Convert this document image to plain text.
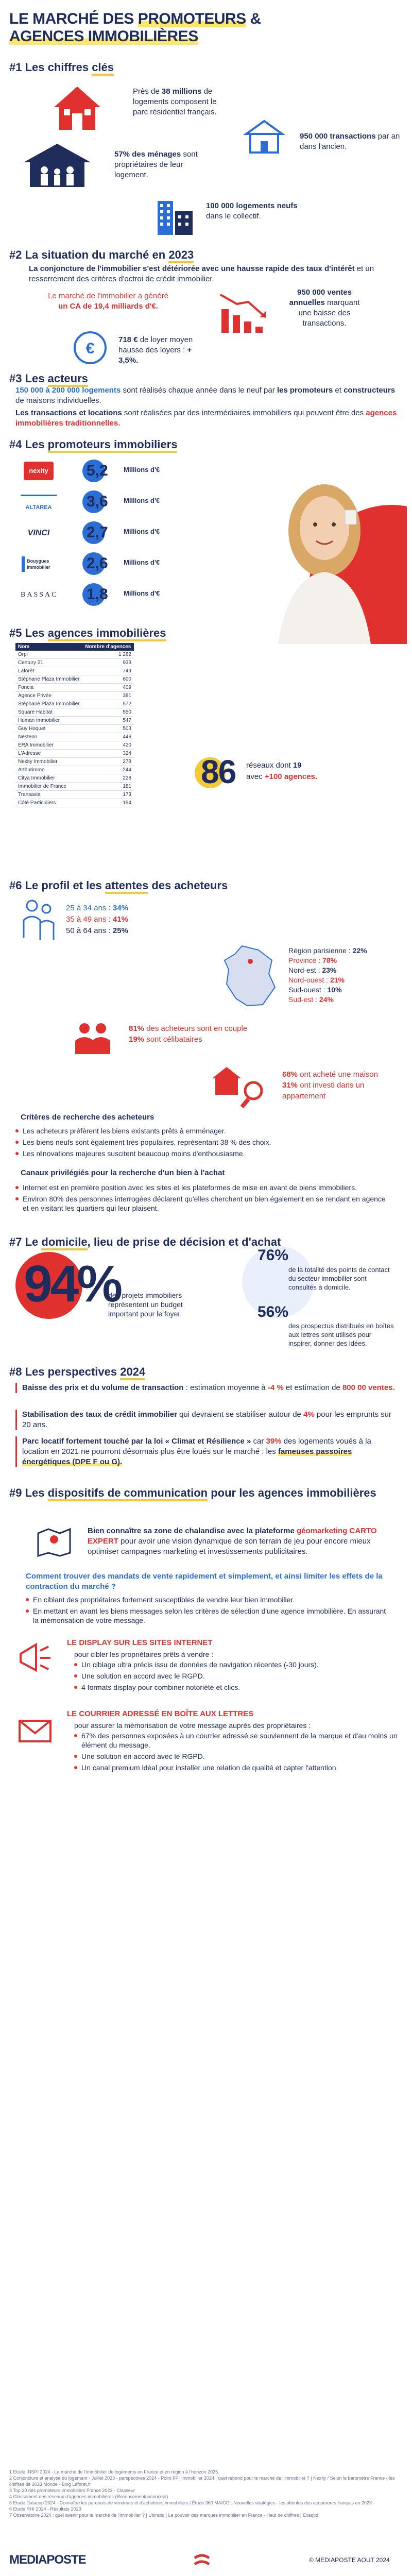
LE MARCHÉ DES PROMOTEURS &
AGENCES IMMOBILIÈRES
#1 Les chiffres clés
Près de 38 millions de logements composent le parc résidentiel français.
950 000 transactions par an dans l'ancien.
57% des ménages sont propriétaires de leur logement.
100 000 logements neufs dans le collectif.
#2 La situation du marché en 2023
La conjoncture de l'immobilier s'est détériorée avec une hausse rapide des taux d'intérêt et un resserrement des critères d'octroi de crédit immobilier.
Le marché de l'immobilier a généré un CA de 19,4 milliards d'€.
950 000 ventes annuelles marquant une baisse des transactions.
€
718 € de loyer moyen hausse des loyers : + 3,5%.
#3 Les acteurs
150 000 à 200 000 logements sont réalisés chaque année dans le neuf par les promoteurs et constructeurs de maisons individuelles.
Les transactions et locations sont réalisées par des intermédiaires immobiliers qui peuvent être des agences immobilières traditionnelles.
#4 Les promoteurs immobiliers
nexity	5,2 Millions d'€
ALTAREA	3,6 Millions d'€
VINCI	2,7 Millions d'€
Bouygues Immobilier	2,6 Millions d'€
BASSAC 1,8 Millions d'€
#5 Les agences immobilières
Nom	Nombre d'agences
Orpi	1 282
Century 21	933
Laforêt	749
Stéphane Plaza Immobilier	600
Foncia	409
Agence Privée	381
Stéphane Plaza Immobilier	572
Square Habitat	550
Human Immobilier	547
Guy Hoquet	503
Nestenn	446
ERA Immobilier	420
L'Adresse	324
Nexity Immobilier	278
Arthurimmo	244
Citya Immobilier	228
Immobilier de France	181
Transaxia	173
Côté Particuliers	154
86 réseaux dont 19
avec +100 agences.
#6 Le profil et les attentes des acheteurs
25 à 34 ans : 34%
35 à 49 ans : 41%
50 à 64 ans : 25%
Région parisienne : 22%
Province : 78%
Nord-est : 23%
Nord-ouest : 21%
Sud-ouest : 10%
Sud-est : 24%
81% des acheteurs sont en couple
19% sont célibataires
68% ont acheté une maison
31% ont investi dans un appartement
Critères de recherche des acheteurs
Les acheteurs préfèrent les biens existants prêts à emménager.
Les biens neufs sont également très populaires, représentant 38 % des choix.
Les rénovations majeures suscitent beaucoup moins d'enthousiasme.
Canaux privilégiés pour la recherche d'un bien à l'achat
Internet est en première position avec les sites et les plateformes de mise en avant de biens immobiliers.
Environ 80% des personnes interrogées déclarent qu'elles cherchent un bien également en se rendant en agence et en visitant les quartiers qui leur plaisent.
#7 Le domicile, lieu de prise de décision et d'achat
94%
des projets immobiliers représentent un budget important pour le foyer.
76%
de la totalité des points de contact du secteur immobilier sont consultés à domicile.
56%
des prospectus distribués en boîtes aux lettres sont utilisés pour inspirer, donner des idées.
#8 Les perspectives 2024
Baisse des prix et du volume de transaction : estimation moyenne à -4 % et estimation de 800 00 ventes.
Stabilisation des taux de crédit immobilier qui devraient se stabiliser autour de 4% pour les emprunts sur 20 ans.
Parc locatif fortement touché par la loi « Climat et Résilience » car 39% des logements voués à la location en 2021 ne pourront désormais plus être loués sur le marché : les fameuses passoires énergétiques (DPE F ou G).
#9 Les dispositifs de communication pour les agences immobilières
Bien connaître sa zone de chalandise avec la plateforme géomarketing CARTO EXPERT pour avoir une vision dynamique de son terrain de jeu pour encore mieux optimiser campagnes marketing et investissements publicitaires.
Comment trouver des mandats de vente rapidement et simplement, et ainsi limiter les effets de la contraction du marché ?
En ciblant des propriétaires fortement susceptibles de vendre leur bien immobilier.
En mettant en avant les biens messages selon les critères de sélection d'une agence immobilière. En assurant la mémorisation de votre message.
LE DISPLAY SUR LES SITES INTERNET
pour cibler les propriétaires prêts à vendre :
Un ciblage ultra précis issu de données de navigation récentes (-30 jours).
Une solution en accord avec le RGPD.
4 formats display pour combiner notoriété et clics.
LE COURRIER ADRESSÉ EN BOÎTE AUX LETTRES
pour assurer la mémorisation de votre message auprès des propriétaires :
67% des personnes exposées à un courrier adressé se souviennent de la marque et d'au moins un élément du message.
Une solution en accord avec le RGPD.
Un canal premium idéal pour installer une relation de qualité et capter l'attention.
1 Etude INSPI 2024 - Le marché de l'immobilier de logements en France et en région à l'horizon 2025.
2 Conjoncture et analyse du logement - Juillet 2023 - perspectives 2024 - Point FF l'immobilier 2024 : quel rebond pour le marché de l'immobilier ? | Nexity / Selon le baromètre France - les chiffres de 2023 Monde - Blog Laforet.fr
3 Top 20 des promoteurs immobiliers France 2023 - Classeur
4 Classement des réseaux d'agences immobilières (Recensementauconcept)
5 Etude Datacop 2024 - Connaître les parcours de vendeurs et d'acheteurs immobiliers | Étude 360 MAICO : Nouvelles stratégies - les attentes des acquéreurs français en 2023
6 Etude RHI 2024 - Résultats 2023
7 Observatoire 2024 : quel avenir pour le marché de l'immobilier ? | Ubiratiq | Le pouvoir des marques immobilier en France - Haut de chiffres | Exaqtid
MEDIAPOSTE	© MEDIAPOSTE AOUT 2024
